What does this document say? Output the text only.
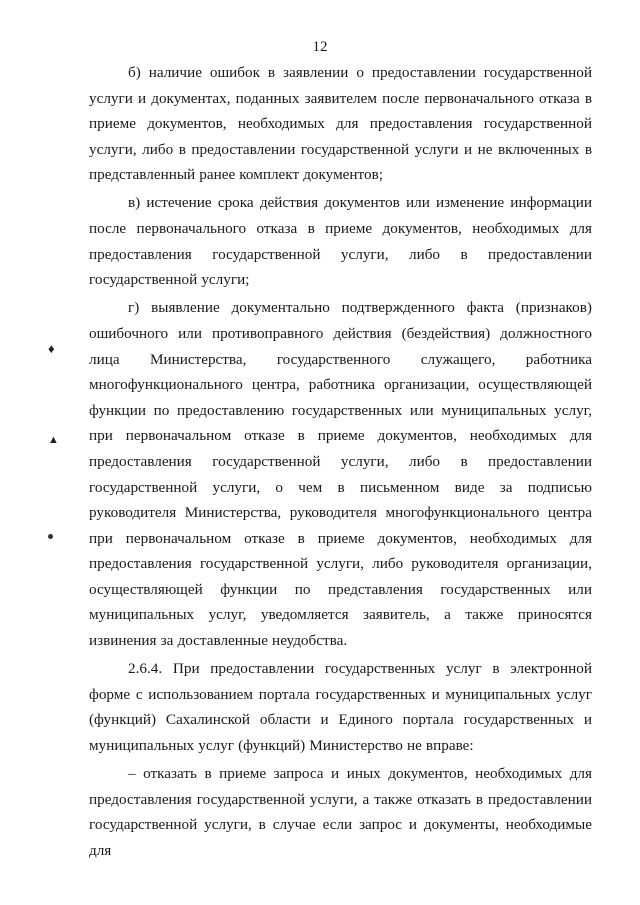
12

б) наличие ошибок в заявлении о предоставлении государственной услуги и документах, поданных заявителем после первоначального отказа в приеме документов, необходимых для предоставления государственной услуги, либо в предоставлении государственной услуги и не включенных в представленный ранее комплект документов;

в) истечение срока действия документов или изменение информации после первоначального отказа в приеме документов, необходимых для предоставления государственной услуги, либо в предоставлении государственной услуги;

г) выявление документально подтвержденного факта (признаков) ошибочного или противоправного действия (бездействия) должностного лица Министерства, государственного служащего, работника многофункционального центра, работника организации, осуществляющей функции по предоставлению государственных или муниципальных услуг, при первоначальном отказе в приеме документов, необходимых для предоставления государственной услуги, либо в предоставлении государственной услуги, о чем в письменном виде за подписью руководителя Министерства, руководителя многофункционального центра при первоначальном отказе в приеме документов, необходимых для предоставления государственной услуги, либо руководителя организации, осуществляющей функции по представления государственных или муниципальных услуг, уведомляется заявитель, а также приносятся извинения за доставленные неудобства.

2.6.4. При предоставлении государственных услуг в электронной форме с использованием портала государственных и муниципальных услуг (функций) Сахалинской области и Единого портала государственных и муниципальных услуг (функций) Министерство не вправе:

– отказать в приеме запроса и иных документов, необходимых для предоставления государственной услуги, а также отказать в предоставлении государственной услуги, в случае если запрос и документы, необходимые для

♦
▲
